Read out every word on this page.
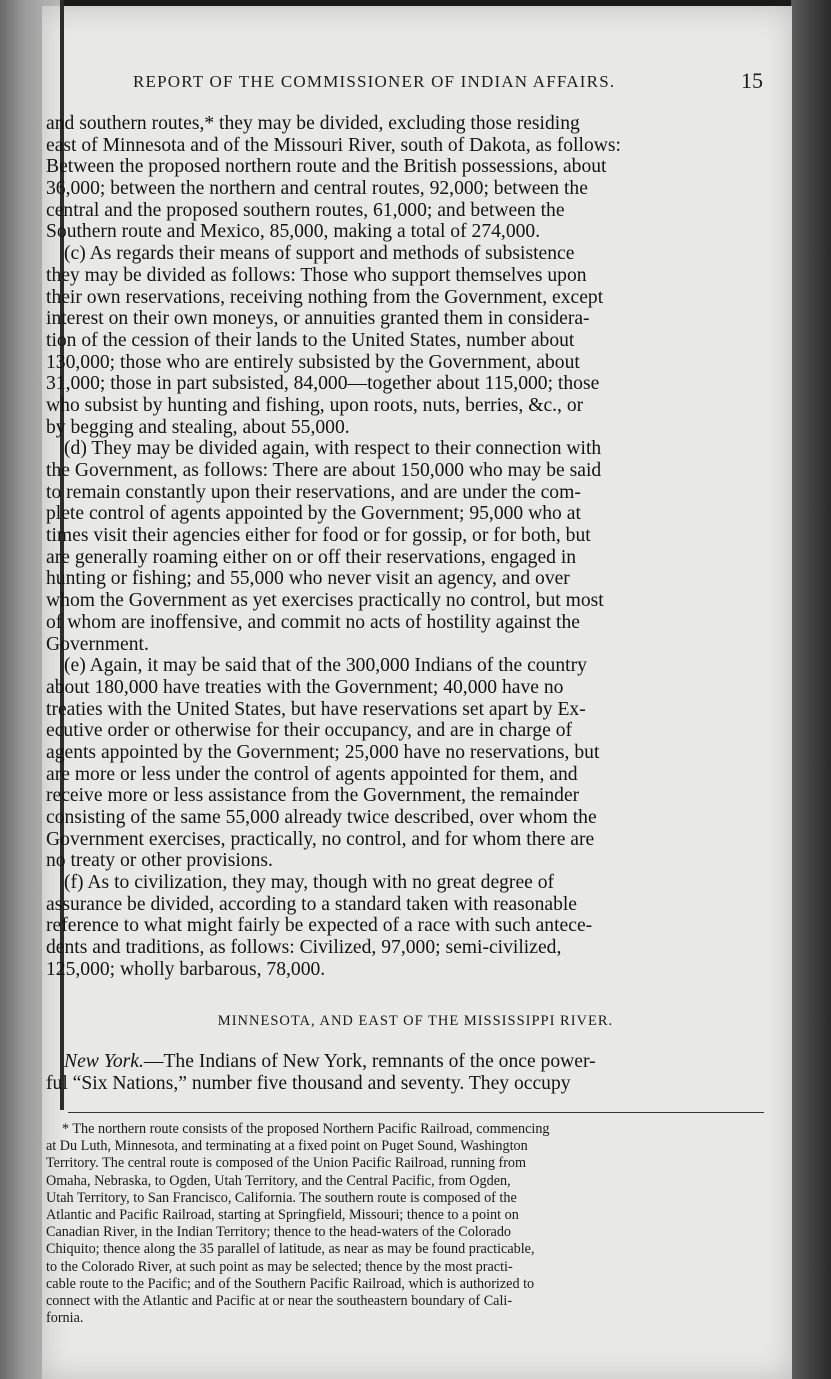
REPORT OF THE COMMISSIONER OF INDIAN AFFAIRS.	15
and southern routes,* they may be divided, excluding those residing
east of Minnesota and of the Missouri River, south of Dakota, as follows:
Between the proposed northern route and the British possessions, about
36,000; between the northern and central routes, 92,000; between the
central and the proposed southern routes, 61,000; and between the
Southern route and Mexico, 85,000, making a total of 274,000.
(c) As regards their means of support and methods of subsistence
they may be divided as follows: Those who support themselves upon
their own reservations, receiving nothing from the Government, except
interest on their own moneys, or annuities granted them in considera-
tion of the cession of their lands to the United States, number about
130,000; those who are entirely subsisted by the Government, about
31,000; those in part subsisted, 84,000—together about 115,000; those
who subsist by hunting and fishing, upon roots, nuts, berries, &c., or
by begging and stealing, about 55,000.
(d) They may be divided again, with respect to their connection with
the Government, as follows: There are about 150,000 who may be said
to remain constantly upon their reservations, and are under the com-
plete control of agents appointed by the Government; 95,000 who at
times visit their agencies either for food or for gossip, or for both, but
are generally roaming either on or off their reservations, engaged in
hunting or fishing; and 55,000 who never visit an agency, and over
whom the Government as yet exercises practically no control, but most
of whom are inoffensive, and commit no acts of hostility against the
Government.
(e) Again, it may be said that of the 300,000 Indians of the country
about 180,000 have treaties with the Government; 40,000 have no
treaties with the United States, but have reservations set apart by Ex-
ecutive order or otherwise for their occupancy, and are in charge of
agents appointed by the Government; 25,000 have no reservations, but
are more or less under the control of agents appointed for them, and
receive more or less assistance from the Government, the remainder
consisting of the same 55,000 already twice described, over whom the
Government exercises, practically, no control, and for whom there are
no treaty or other provisions.
(f) As to civilization, they may, though with no great degree of
assurance be divided, according to a standard taken with reasonable
reference to what might fairly be expected of a race with such antece-
dents and traditions, as follows: Civilized, 97,000; semi-civilized,
125,000; wholly barbarous, 78,000.
MINNESOTA, AND EAST OF THE MISSISSIPPI RIVER.
New York.—The Indians of New York, remnants of the once power-
ful “Six Nations,” number five thousand and seventy. They occupy
* The northern route consists of the proposed Northern Pacific Railroad, commencing
at Du Luth, Minnesota, and terminating at a fixed point on Puget Sound, Washington
Territory. The central route is composed of the Union Pacific Railroad, running from
Omaha, Nebraska, to Ogden, Utah Territory, and the Central Pacific, from Ogden,
Utah Territory, to San Francisco, California. The southern route is composed of the
Atlantic and Pacific Railroad, starting at Springfield, Missouri; thence to a point on
Canadian River, in the Indian Territory; thence to the head-waters of the Colorado
Chiquito; thence along the 35 parallel of latitude, as near as may be found practicable,
to the Colorado River, at such point as may be selected; thence by the most practi-
cable route to the Pacific; and of the Southern Pacific Railroad, which is authorized to
connect with the Atlantic and Pacific at or near the southeastern boundary of Cali-
fornia.
